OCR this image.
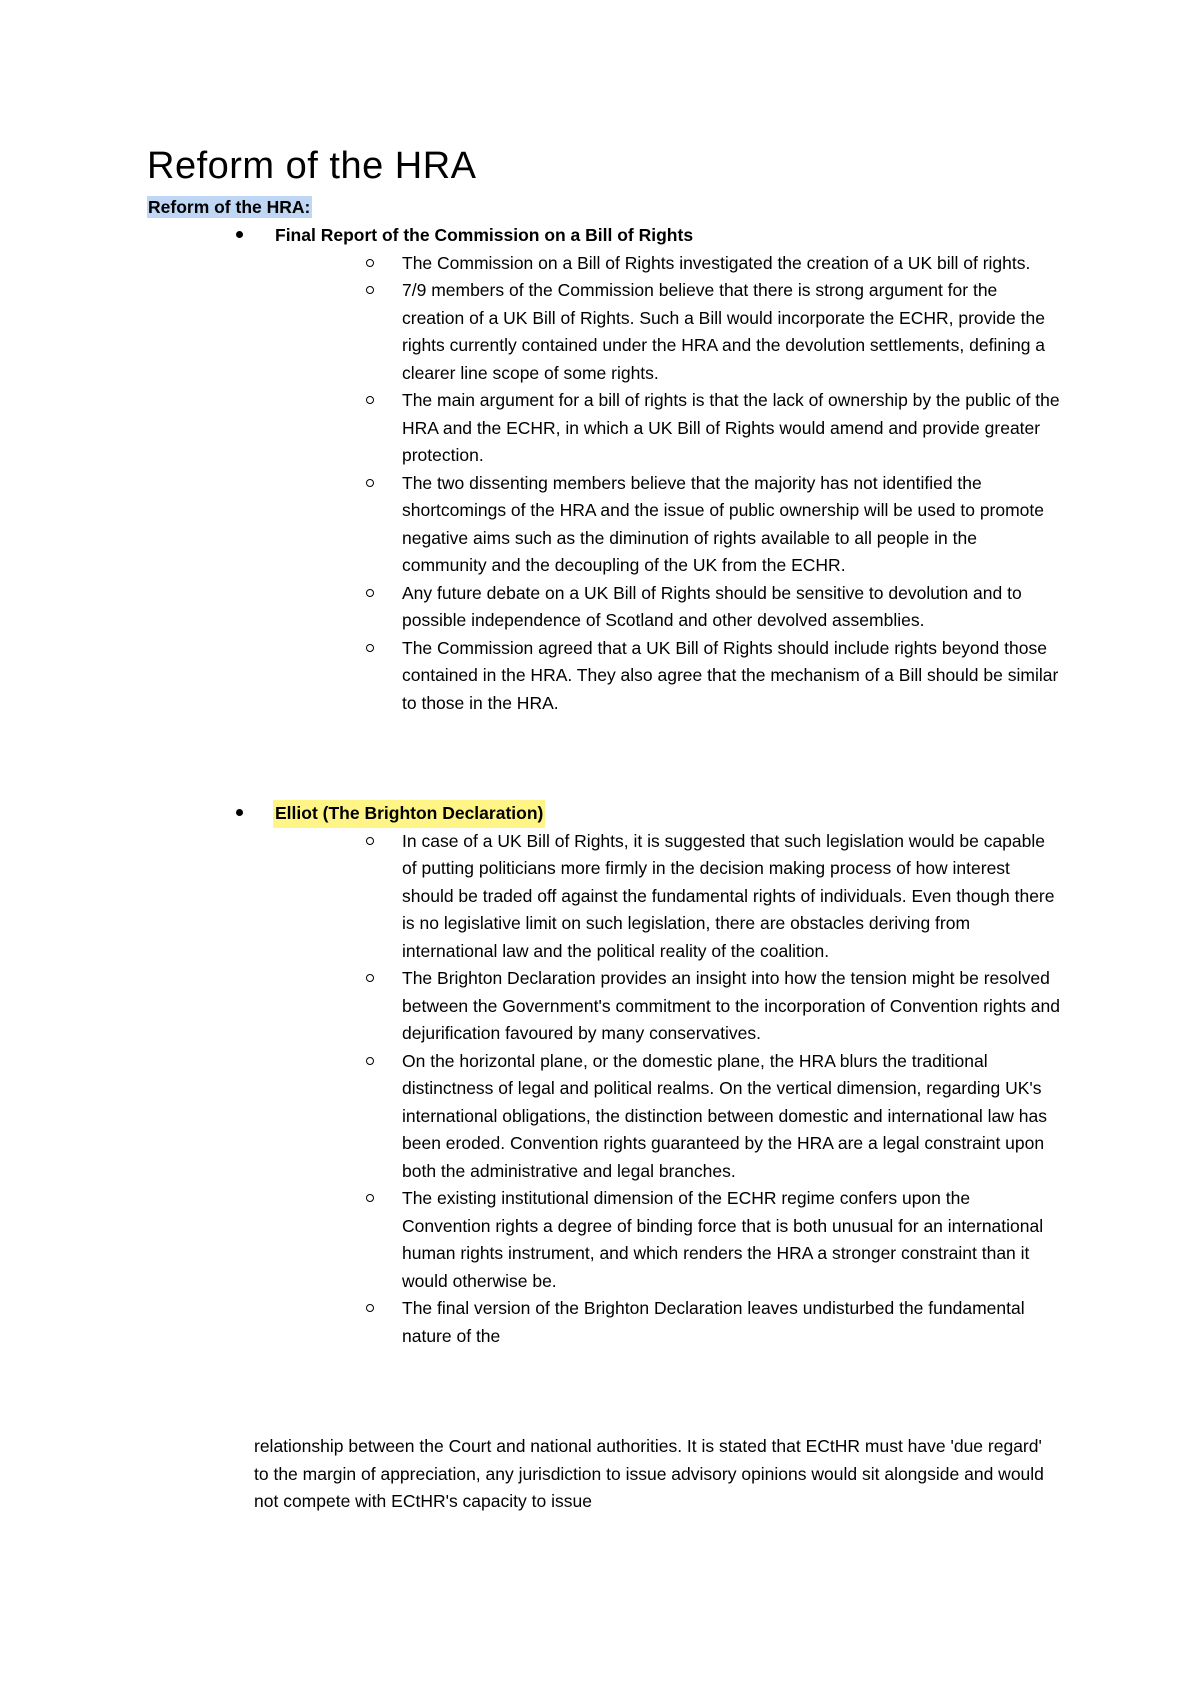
Reform of the HRA
Reform of the HRA:
Final Report of the Commission on a Bill of Rights
The Commission on a Bill of Rights investigated the creation of a UK bill of rights.
7/9 members of the Commission believe that there is strong argument for the creation of a UK Bill of Rights. Such a Bill would incorporate the ECHR, provide the rights currently contained under the HRA and the devolution settlements, defining a clearer line scope of some rights.
The main argument for a bill of rights is that the lack of ownership by the public of the HRA and the ECHR, in which a UK Bill of Rights would amend and provide greater protection.
The two dissenting members believe that the majority has not identified the shortcomings of the HRA and the issue of public ownership will be used to promote negative aims such as the diminution of rights available to all people in the community and the decoupling of the UK from the ECHR.
Any future debate on a UK Bill of Rights should be sensitive to devolution and to possible independence of Scotland and other devolved assemblies.
The Commission agreed that a UK Bill of Rights should include rights beyond those contained in the HRA. They also agree that the mechanism of a Bill should be similar to those in the HRA.
Elliot (The Brighton Declaration)
In case of a UK Bill of Rights, it is suggested that such legislation would be capable of putting politicians more firmly in the decision making process of how interest should be traded off against the fundamental rights of individuals. Even though there is no legislative limit on such legislation, there are obstacles deriving from international law and the political reality of the coalition.
The Brighton Declaration provides an insight into how the tension might be resolved between the Government's commitment to the incorporation of Convention rights and dejurification favoured by many conservatives.
On the horizontal plane, or the domestic plane, the HRA blurs the traditional distinctness of legal and political realms. On the vertical dimension, regarding UK's international obligations, the distinction between domestic and international law has been eroded. Convention rights guaranteed by the HRA are a legal constraint upon both the administrative and legal branches.
The existing institutional dimension of the ECHR regime confers upon the Convention rights a degree of binding force that is both unusual for an international human rights instrument, and which renders the HRA a stronger constraint than it would otherwise be.
The final version of the Brighton Declaration leaves undisturbed the fundamental nature of the

relationship between the Court and national authorities. It is stated that ECtHR must have 'due regard' to the margin of appreciation, any jurisdiction to issue advisory opinions would sit alongside and would not compete with ECtHR's capacity to issue
